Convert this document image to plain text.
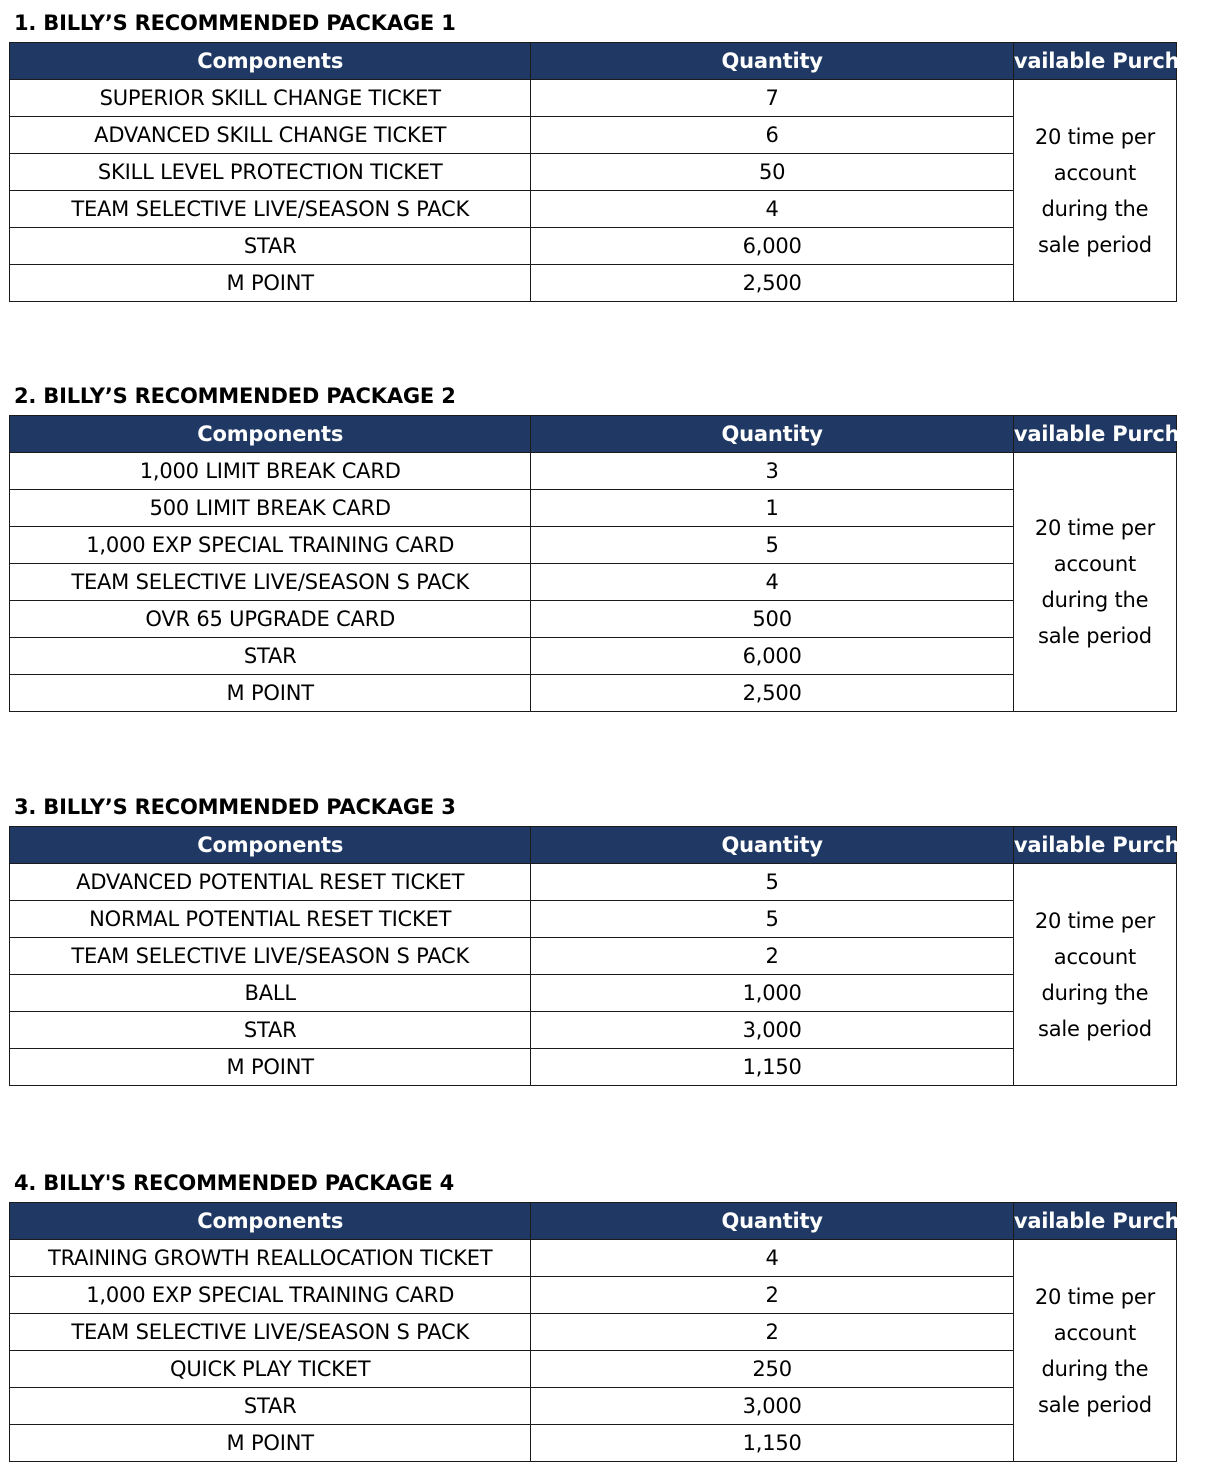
1. BILLY’S RECOMMENDED PACKAGE 1
Components	Quantity	vailable Purchas
SUPERIOR SKILL CHANGE TICKET	7	20 time per account during the sale period

ADVANCED SKILL CHANGE TICKET	6	
SKILL LEVEL PROTECTION TICKET	50	
TEAM SELECTIVE LIVE/SEASON S PACK	4	
STAR	6,000	
M POINT	2,500	
2. BILLY’S RECOMMENDED PACKAGE 2
Components	Quantity	vailable Purchas
1,000 LIMIT BREAK CARD	3	20 time per account during the sale period

500 LIMIT BREAK CARD	1	
1,000 EXP SPECIAL TRAINING CARD	5	
TEAM SELECTIVE LIVE/SEASON S PACK	4	
OVR 65 UPGRADE CARD	500	
STAR	6,000	
M POINT	2,500	
3. BILLY’S RECOMMENDED PACKAGE 3
Components	Quantity	vailable Purchas
ADVANCED POTENTIAL RESET TICKET	5	20 time per account during the sale period

NORMAL POTENTIAL RESET TICKET	5	
TEAM SELECTIVE LIVE/SEASON S PACK	2	
BALL	1,000	
STAR	3,000	
M POINT	1,150	
4. BILLY'S RECOMMENDED PACKAGE 4
Components	Quantity	vailable Purchas
TRAINING GROWTH REALLOCATION TICKET	4	20 time per account during the sale period

1,000 EXP SPECIAL TRAINING CARD	2	
TEAM SELECTIVE LIVE/SEASON S PACK	2	
QUICK PLAY TICKET	250	
STAR	3,000	
M POINT	1,150	
